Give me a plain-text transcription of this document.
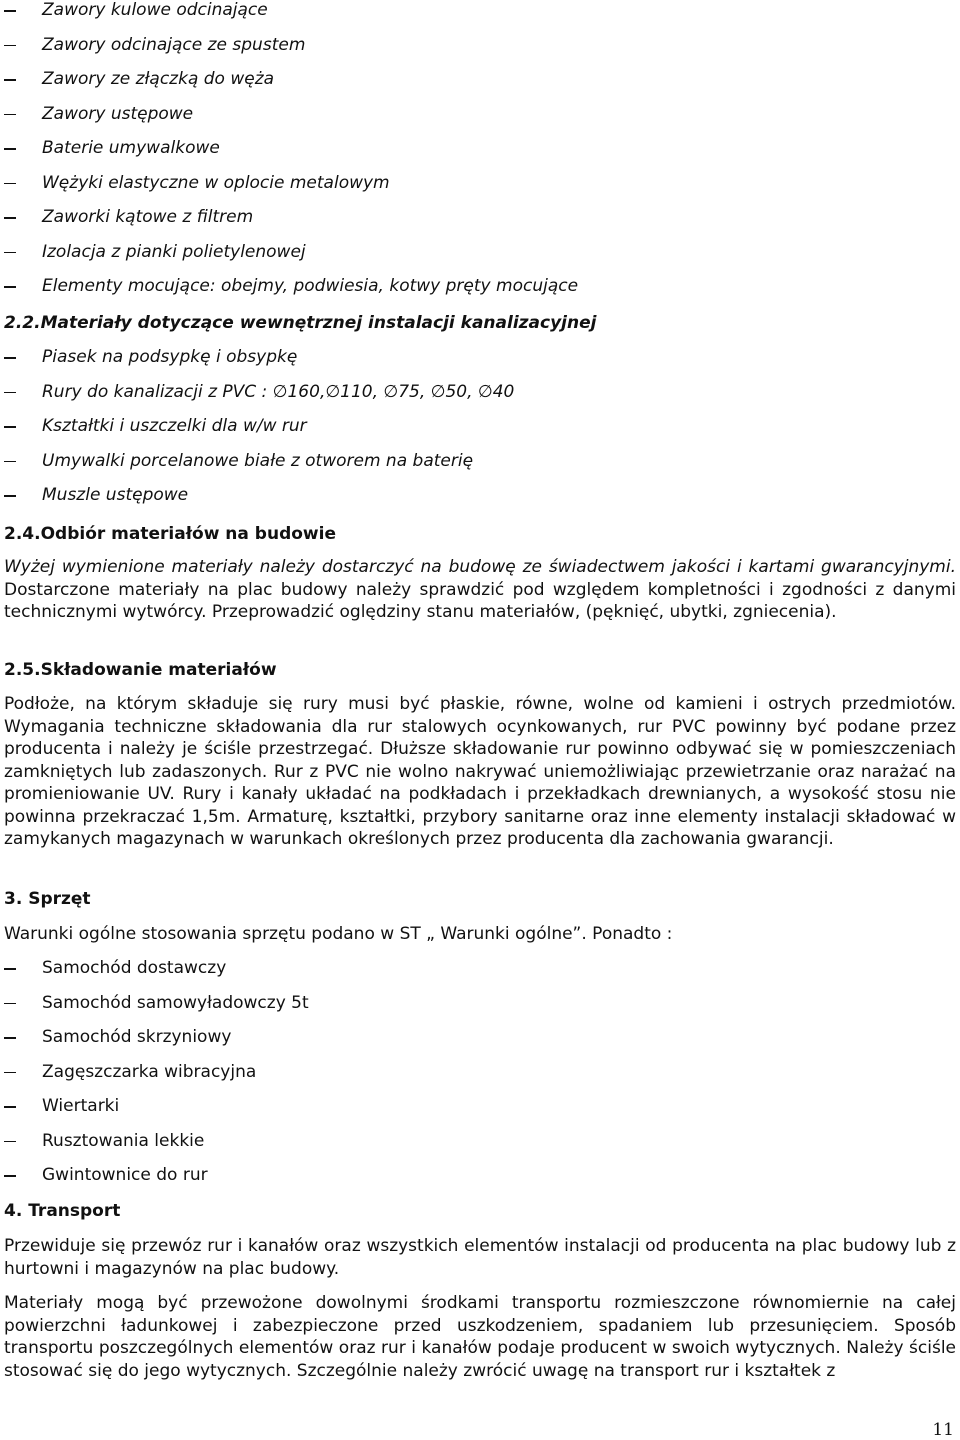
Zawory kulowe odcinające
Zawory odcinające ze spustem
Zawory ze złączką do węża
Zawory ustępowe
Baterie umywalkowe
Wężyki elastyczne w oplocie metalowym
Zaworki kątowe z filtrem
Izolacja z pianki polietylenowej
Elementy mocujące: obejmy, podwiesia, kotwy pręty mocujące
2.2.Materiały dotyczące wewnętrznej instalacji kanalizacyjnej
Piasek na podsypkę i obsypkę
Rury do kanalizacji z PVC : ∅160,∅110, ∅75, ∅50, ∅40
Kształtki i uszczelki dla w/w rur
Umywalki porcelanowe białe z otworem na baterię
Muszle ustępowe
2.4.Odbiór materiałów na budowie

Wyżej wymienione materiały należy dostarczyć na budowę ze świadectwem jakości i kartami gwarancyjnymi. Dostarczone materiały na plac budowy należy sprawdzić pod względem kompletności i zgodności z danymi technicznymi wytwórcy. Przeprowadzić oględziny stanu materiałów, (pęknięć, ubytki, zgniecenia).

2.5.Składowanie materiałów

Podłoże, na którym składuje się rury musi być płaskie, równe, wolne od kamieni i ostrych przedmiotów. Wymagania techniczne składowania dla rur stalowych ocynkowanych, rur PVC powinny być podane przez producenta i należy je ściśle przestrzegać. Dłuższe składowanie rur powinno odbywać się w pomieszczeniach zamkniętych lub zadaszonych. Rur z PVC nie wolno nakrywać uniemożliwiając przewietrzanie oraz narażać na promieniowanie UV. Rury i kanały układać na podkładach i przekładkach drewnianych, a wysokość stosu nie powinna przekraczać 1,5m. Armaturę, kształtki, przybory sanitarne oraz inne elementy instalacji składować w zamykanych magazynach w warunkach określonych przez producenta dla zachowania gwarancji.

3. Sprzęt

Warunki ogólne stosowania sprzętu podano w ST „ Warunki ogólne”. Ponadto :

Samochód dostawczy
Samochód samowyładowczy 5t
Samochód skrzyniowy
Zagęszczarka wibracyjna
Wiertarki
Rusztowania lekkie
Gwintownice do rur
4. Transport

Przewiduje się przewóz rur i kanałów oraz wszystkich elementów instalacji od producenta na plac budowy lub z hurtowni i magazynów na plac budowy.

Materiały mogą być przewożone dowolnymi środkami transportu rozmieszczone równomiernie na całej powierzchni ładunkowej i zabezpieczone przed uszkodzeniem, spadaniem lub przesunięciem. Sposób transportu poszczególnych elementów oraz rur i kanałów podaje producent w swoich wytycznych. Należy ściśle stosować się do jego wytycznych. Szczególnie należy zwrócić uwagę na transport rur i kształtek z

11
